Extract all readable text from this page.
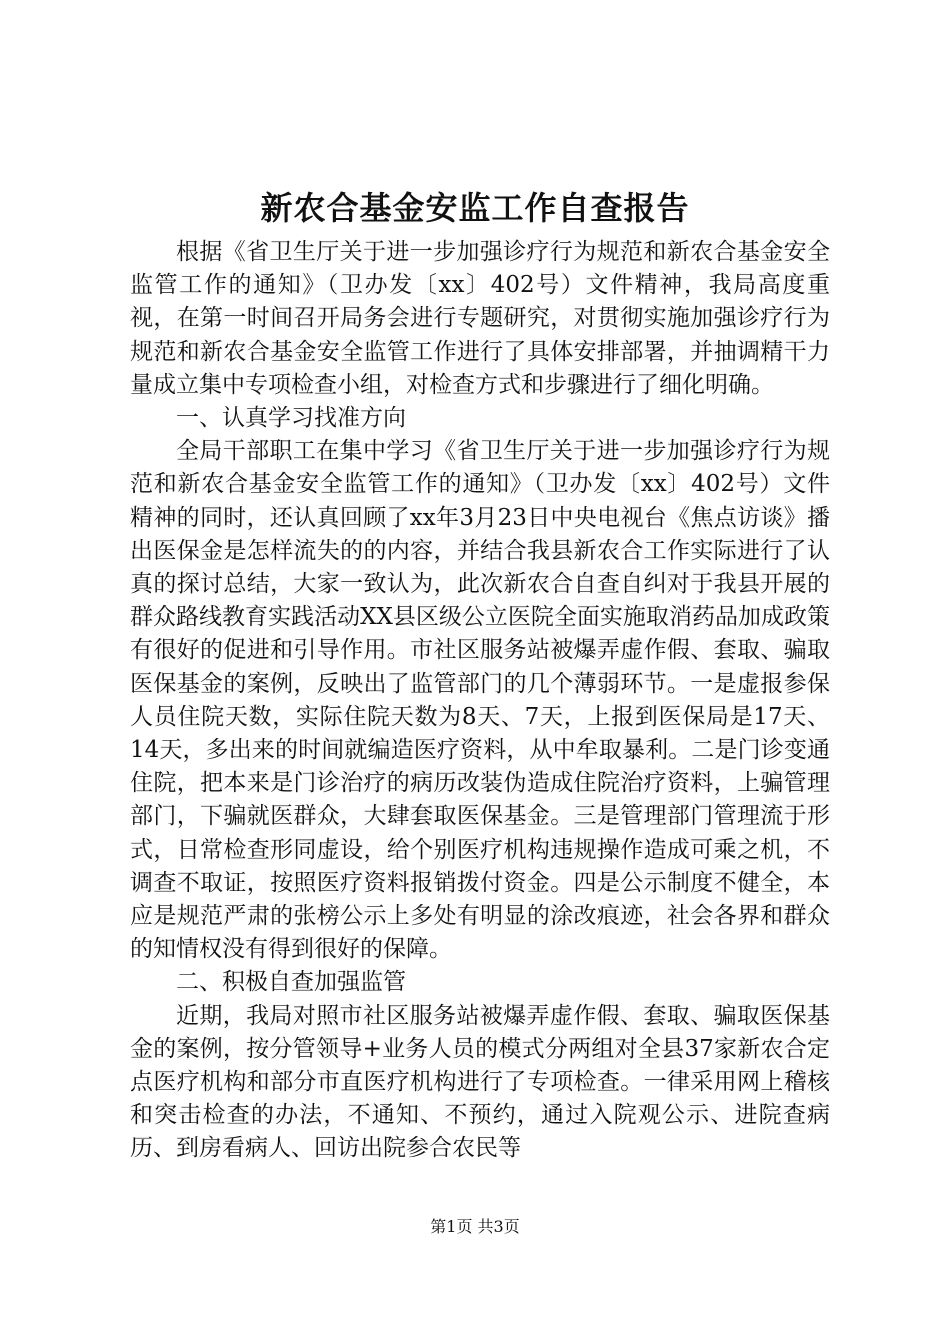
新农合基金安监工作自查报告

根据《省卫生厅关于进一步加强诊疗行为规范和新农合基金安全监管工作的通知》（卫办发〔xx〕402号）文件精神，我局高度重视，在第一时间召开局务会进行专题研究，对贯彻实施加强诊疗行为规范和新农合基金安全监管工作进行了具体安排部署，并抽调精干力量成立集中专项检查小组，对检查方式和步骤进行了细化明确。

一、认真学习找准方向

全局干部职工在集中学习《省卫生厅关于进一步加强诊疗行为规范和新农合基金安全监管工作的通知》（卫办发〔xx〕402号）文件精神的同时，还认真回顾了xx年3月23日中央电视台《焦点访谈》播出医保金是怎样流失的的内容，并结合我县新农合工作实际进行了认真的探讨总结，大家一致认为，此次新农合自查自纠对于我县开展的群众路线教育实践活动XX县区级公立医院全面实施取消药品加成政策有很好的促进和引导作用。市社区服务站被爆弄虚作假、套取、骗取医保基金的案例，反映出了监管部门的几个薄弱环节。一是虚报参保人员住院天数，实际住院天数为8天、7天，上报到医保局是17天、14天，多出来的时间就编造医疗资料，从中牟取暴利。二是门诊变通住院，把本来是门诊治疗的病历改装伪造成住院治疗资料，上骗管理部门，下骗就医群众，大肆套取医保基金。三是管理部门管理流于形式，日常检查形同虚设，给个别医疗机构违规操作造成可乘之机，不调查不取证，按照医疗资料报销拨付资金。四是公示制度不健全，本应是规范严肃的张榜公示上多处有明显的涂改痕迹，社会各界和群众的知情权没有得到很好的保障。

二、积极自查加强监管

近期，我局对照市社区服务站被爆弄虚作假、套取、骗取医保基金的案例，按分管领导+业务人员的模式分两组对全县37家新农合定点医疗机构和部分市直医疗机构进行了专项检查。一律采用网上稽核和突击检查的办法，不通知、不预约，通过入院观公示、进院查病历、到房看病人、回访出院参合农民等

第1页 共3页
